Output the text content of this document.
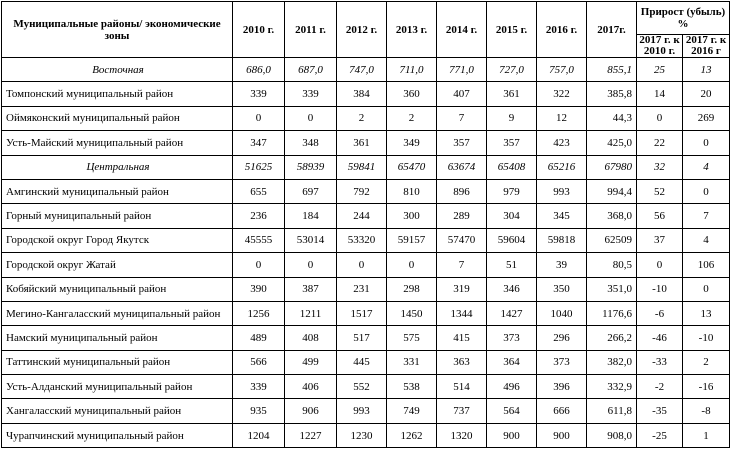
Муниципальные районы/ экономические зоны	2010 г.	2011 г.	2012 г.	2013 г.	2014 г.	2015 г.	2016 г.	2017г.	Прирост (убыль) %	
									2017 г. к 2010 г.	2017 г. к 2016 г
Восточная	686,0	687,0	747,0	711,0	771,0	727,0	757,0	855,1	25	13
Томпонский муниципальный район	339	339	384	360	407	361	322	385,8	14	20
Оймяконский муниципальный район	0	0	2	2	7	9	12	44,3	0	269
Усть-Майский муниципальный район	347	348	361	349	357	357	423	425,0	22	0
Центральная	51625	58939	59841	65470	63674	65408	65216	67980	32	4
Амгинский муниципальный район	655	697	792	810	896	979	993	994,4	52	0
Горный муниципальный район	236	184	244	300	289	304	345	368,0	56	7
Городской округ Город Якутск	45555	53014	53320	59157	57470	59604	59818	62509	37	4
Городской округ Жатай	0	0	0	0	7	51	39	80,5	0	106
Кобяйский муниципальный район	390	387	231	298	319	346	350	351,0	-10	0
Мегино-Кангаласский муниципальный район	1256	1211	1517	1450	1344	1427	1040	1176,6	-6	13
Намский муниципальный район	489	408	517	575	415	373	296	266,2	-46	-10
Таттинский муниципальный район	566	499	445	331	363	364	373	382,0	-33	2
Усть-Алданский муниципальный район	339	406	552	538	514	496	396	332,9	-2	-16
Хангаласский муниципальный район	935	906	993	749	737	564	666	611,8	-35	-8
Чурапчинский муниципальный район	1204	1227	1230	1262	1320	900	900	908,0	-25	1
